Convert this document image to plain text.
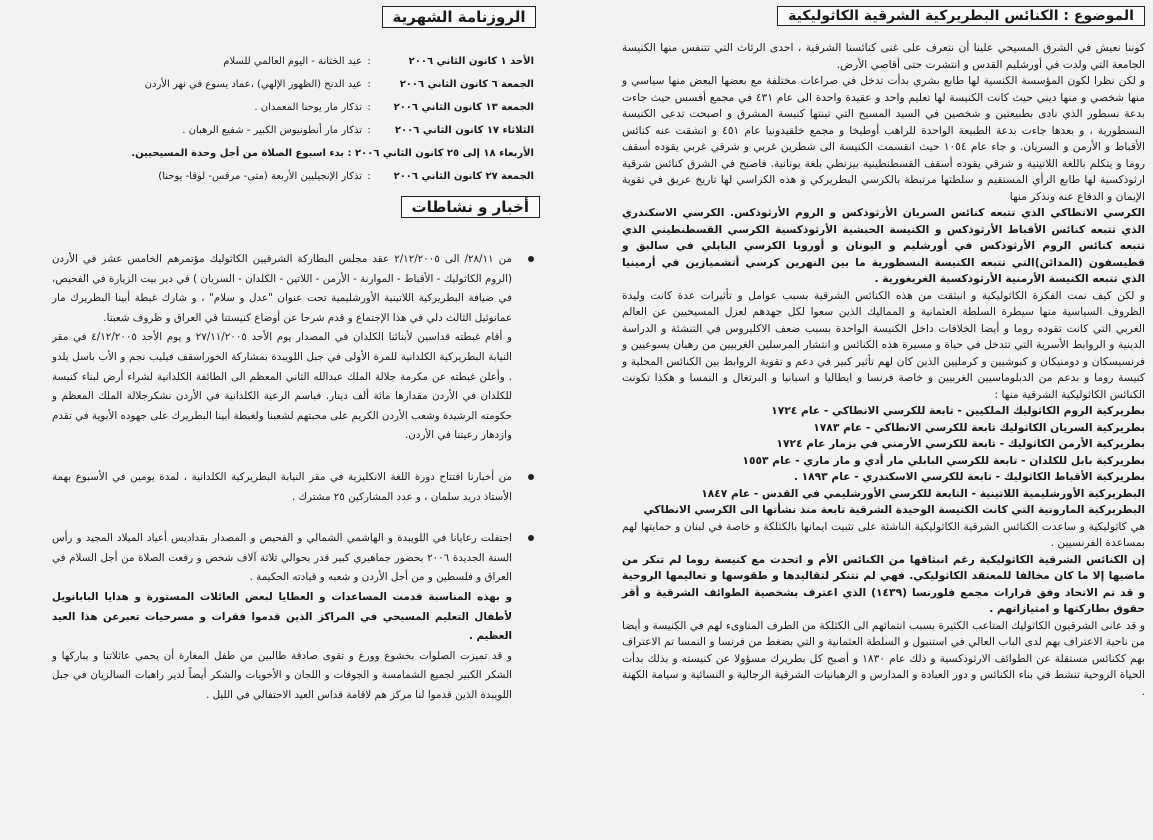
الموضوع : الكنائس البطريركية الشرقية الكاثوليكية

كوننا نعيش في الشرق المسيحي علينا أن نتعرف على غنى كنائسنا الشرقية ، احدى الرئاث التي تتنفس منها الكنيسة الجامعة التي ولدت في أورشليم القدس و انتشرت حتى أقاصي الأرض.

و لكن نظرا لكون المؤسسة الكنسية لها طابع بشري بدأت تدخل في صراعات مختلفة مع بعضها البعض منها سياسي و منها شخصي و منها ديني حيث كانت الكنيسة لها تعليم واحد و عقيدة واحدة الى عام ٤٣١ في مجمع أفسس حيث جاءت بدعة نسطور الذي نادى بطبيعتين و شخصين في السيد المسيح التي تبنتها كنيسة المشرق و اصبحت تدعى الكنيسة النسطورية ، و بعدها جاءت بدعة الطبيعة الواحدة للراهب أوطيخا و مجمع خلقيدونيا عام ٤٥١ و انشقت عنه كنائس الأقباط و الأرمن و السريان. و جاء عام ١٠٥٤ حيث انقسمت الكنيسة الى شطرين غربي و شرقي غربي يقوده أسقف روما و يتكلم باللغة اللاتينية و شرقي يقوده أسقف القسطنطينية بيزنطي بلغة يونانية. فاصبح في الشرق كنائس شرقية ارثوذكسية لها طابع الرأي المستقيم و سلطتها مرتبطة بالكرسي البطريركي و هذه الكراسي لها تاريخ عريق في تقوية الإيمان و الدفاع عنه ونذكر منها

الكرسي الانطاكي الذي تتبعه كنائس السريان الأرثوذكس و الروم الأرثوذكس. الكرسي الاسكندري الذي تتبعه كنائس الأقباط الأرثوذكس و الكنيسة الحبشية الأرثوذكسية الكرسي القسطنطيني الذي تتبعه كنائس الروم الأرثوذكس في أورشليم و اليونان و أوروبا الكرسي البابلي في سالبق و قطيسفون (المدائن)التي تتبعه الكنيسة النسطورية ما بين النهرين كرسي أتشميازين في أرمينيا الذي تتبعه الكنيسة الأرمنية الأرثوذكسية الغريغورية .

و لكن كيف نمت الفكرة الكاثوليكية و انبثقت من هذه الكنائس الشرقية بسبب عوامل و تأثيرات عدة كانت وليدة الظروف السياسية منها سيطرة السلطة العثمانية و المماليك الذين سعوا لكل جهدهم لعزل المسيحيين عن العالم الغربي التي كانت تقوده روما و أيضا الخلافات داخل الكنيسة الواحدة بسبب ضعف الاكليروس في التنشئة و الدراسة الدينية و الروابط الأسرية التي تتدخل في حياة و مسيرة هذه الكنائس و انتشار المرسلين الغربيين من رهبان يسوعيين و فرنسيسكان و دومنيكان و كبوشيين و كرمليين الذين كان لهم تأثير كبير في دعم و تقوية الروابط بين الكنائس المحلية و كنيسة روما و بدعم من الدبلوماسيين الغربيين و خاصة فرنسا و ايطاليا و اسبانيا و البرتغال و النمسا و هكذا تكونت الكنائس الكاثوليكية الشرقية منها :

بطريركية الروم الكاثوليك الملكيين - تابعة للكرسي الانطاكي - عام ١٧٢٤

بطريركية السريان الكاثوليك تابعة للكرسي الانطاكي - عام ١٧٨٣

بطريركية الأرمن الكاثوليك - تابعة للكرسي الأرمني في بزمار عام ١٧٢٤

بطريركية بابل للكلدان - تابعة للكرسي البابلي مار أدي و مار ماري - عام ١٥٥٣

بطريركية الأقباط الكاثوليك - تابعة للكرسي الاسكندري - عام ١٨٩٣ .

البطريركية الأورشليمية اللاتينية - التابعة للكرسي الأورشليمي في القدس - عام ١٨٤٧

البطريركية المارونية التي كانت الكنيسة الوحيدة الشرقية تابعة منذ نشأتها الى الكرسي الانطاكي

هي كاثوليكية و ساعدت الكنائس الشرقية الكاثوليكية الناشئة على تثبيت ايمانها بالكثلكة و خاصة في لبنان و حمايتها لهم بمساعدة الفرنسيين .

إن الكنائس الشرقية الكاثوليكية رغم انبثاقها من الكنائس الأم و اتحدت مع كنيسة روما لم تنكر من ماضيها إلا ما كان مخالفا للمعتقد الكاثوليكي. فهي لم تتنكر لتقاليدها و طقوسها و تعاليمها الروحية و قد تم الاتحاد وفق قرارات مجمع فلورنسا (١٤٣٩) الذي اعترف بشخصية الطوائف الشرقية و أقر حقوق بطاركتها و امتيازاتهم .

و قد عانى الشرقيون الكاثوليك المتاعب الكثيرة بسبب انتمائهم الى الكثلكة من الطرف المناوىء لهم في الكنيسة و أيضا من ناحية الاعتراف بهم لدى الباب العالي في استنبول و السلطة العثمانية و التي بضغط من فرنسا و النمسا تم الاعتراف بهم ككنائس مستقلة عن الطوائف الارثوذكسية و ذلك عام ١٨٣٠ و أصبح كل بطريرك مسؤولا عن كنيسته و بذلك بدأت الحياة الروحية تنشط في بناء الكنائس و دور العبادة و المدارس و الرهبانيات الشرقية الرجالية و النسائية و سيامة الكهنة .

الروزنامة الشهرية
الأحد ١ كانون الثاني ٢٠٠٦
:
عيد الختانة - اليوم العالمي للسلام
الجمعة ٦ كانون الثاني ٢٠٠٦
:
عيد الدنح (الظهور الإلهي) ،عماد يسوع في نهر الأردن
الجمعة ١٣ كانون الثاني ٢٠٠٦
:
تذكار مار يوحنا المعمدان .
الثلاثاء ١٧ كانون الثاني ٢٠٠٦
:
تذكار مار أنطونيوس الكبير - شفيع الرهبان .
الأربعاء ١٨ إلى ٢٥ كانون الثاني ٢٠٠٦ : بدء اسبوع الصلاة من أجل وحدة المسيحيين.
الجمعة ٢٧ كانون الثاني ٢٠٠٦
:
تذكار الإنجيليين الأربعة (متى- مرقس- لوقا- يوحنا)
أخبار و نشاطات

من ٢٨/١١/ الى ٢/١٢/٢٠٠٥ عقد مجلس البطاركة الشرقيين الكاثوليك مؤتمرهم الخامس عشر في الأردن (الروم الكاثوليك - الأقباط - الموارنة - الأرمن - اللاتين - الكلدان - السريان ) في دير بيت الزيارة في الفحيص، في ضيافة البطريركية اللاتينية الأورشليمية تحت عنوان "عدل و سلام" ، و شارك غبطة أبينا البطريرك مار عمانوئيل الثالث دلي في هذا الإجتماع و قدم شرحا عن أوضاع كنيستنا في العراق و ظروف شعبنا.

و أقام غبطته قداسين لأبنائنا الكلدان في المصدار يوم الأحد ٢٧/١١/٢٠٠٥ و يوم الأحد ٤/١٢/٢٠٠٥ في مقر النيابة البطريركية الكلدانية للمرة الأولى في جبل اللويبدة بمشاركة الخوراسقف فيليب نجم و الأب باسل يلدو . وأعلن غبطته عن مكرمة جلالة الملك عبدالله الثاني المعظم الى الطائفة الكلدانية لشراء أرض لبناء كنيسة للكلدان في الأردن مقدارها مائة ألف دينار. فباسم الرعية الكلدانية في الأردن نشكرجلالة الملك المعظم و حكومته الرشيدة وشعب الأردن الكريم على محبتهم لشعبنا ولغبطة أبينا البطريرك على جهوده الأبوية في تقدم وازدهار رعيتنا في الأردن.

من أخبارنا افتتاح دورة اللغة الانكليزية في مقر النيابة البطريركية الكلدانية ، لمدة يومين في الأسبوع بهمة الأستاذ دريد سلمان ، و عدد المشاركين ٢٥ مشترك .

احتفلت رعايانا في اللويبدة و الهاشمي الشمالي و الفحيص و المصدار بقداديس أعياد الميلاد المجيد و رأس السنة الجديدة ٢٠٠٦ بحضور جماهيري كبير قدر بحوالي ثلاثة آلاف شخص و رفعت الصلاة من أجل السلام في العراق و فلسطين و من أجل الأردن و شعبه و قيادته الحكيمة .

و بهذه المناسبة قدمت المساعدات و العطايا لبعض العائلات المستورة و هدايا البابانويل لأطفال التعليم المسيحي في المراكز الذين قدموا فقرات و مسرحيات تعبرعن هذا العيد العظيم .

و قد تميزت الصلوات بخشوع وورع و تقوى صادقة طالبين من طفل المغارة أن يحمي عائلاتنا و يباركها و الشكر الكبير لجميع الشمامسة و الجوقات و اللجان و الأخويات والشكر أيضاً لدير راهبات السالزيان في جبل اللويبدة الذين قدموا لنا مركز هم لاقامة قداس العيد الاحتفالي في الليل .
